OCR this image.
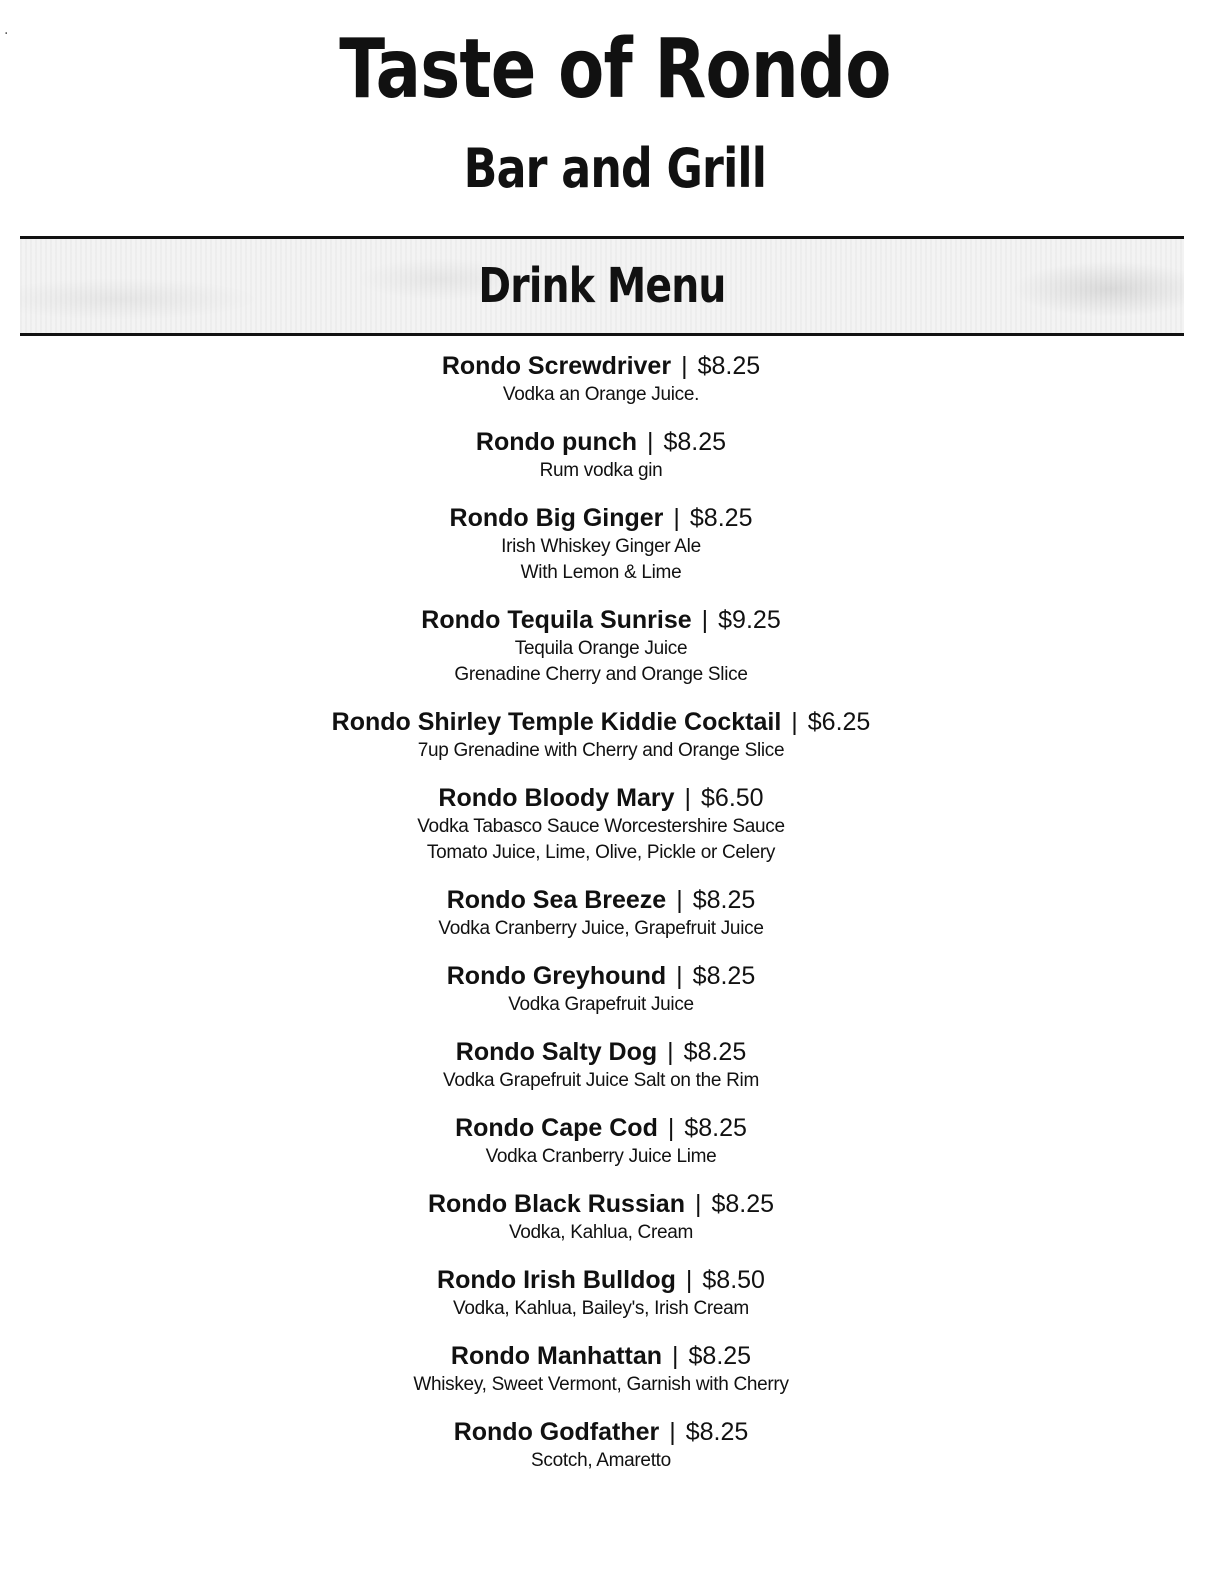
·	Taste of Rondo
Bar and Grill
Drink Menu
Rondo Screwdriver | $8.25
Vodka an Orange Juice.
Rondo punch | $8.25
Rum vodka gin
Rondo Big Ginger | $8.25
Irish Whiskey Ginger Ale
With Lemon & Lime
Rondo Tequila Sunrise | $9.25
Tequila Orange Juice
Grenadine Cherry and Orange Slice
Rondo Shirley Temple Kiddie Cocktail | $6.25
7up Grenadine with Cherry and Orange Slice
Rondo Bloody Mary | $6.50
Vodka Tabasco Sauce Worcestershire Sauce
Tomato Juice, Lime, Olive, Pickle or Celery
Rondo Sea Breeze | $8.25
Vodka Cranberry Juice, Grapefruit Juice
Rondo Greyhound | $8.25
Vodka Grapefruit Juice
Rondo Salty Dog | $8.25
Vodka Grapefruit Juice Salt on the Rim
Rondo Cape Cod | $8.25
Vodka Cranberry Juice Lime
Rondo Black Russian | $8.25
Vodka, Kahlua, Cream
Rondo Irish Bulldog | $8.50
Vodka, Kahlua, Bailey's, Irish Cream
Rondo Manhattan | $8.25
Whiskey, Sweet Vermont, Garnish with Cherry
Rondo Godfather | $8.25
Scotch, Amaretto
